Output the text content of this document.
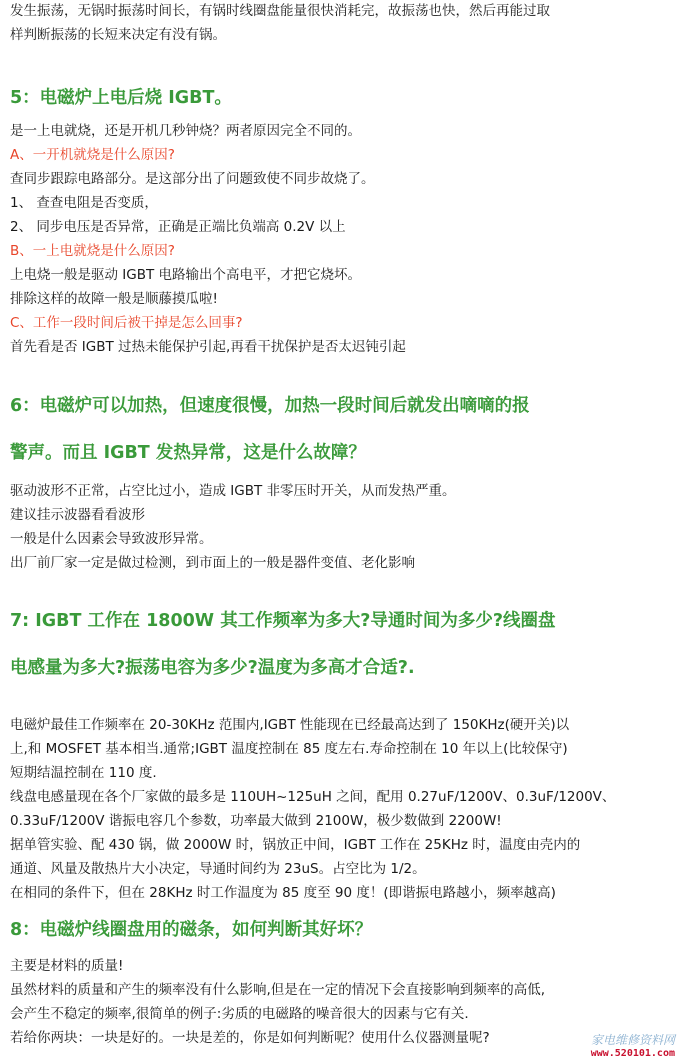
发生振荡，无锅时振荡时间长，有锅时线圈盘能量很快消耗完，故振荡也快，然后再能过取
样判断振荡的长短来决定有没有锅。
5：电磁炉上电后烧 IGBT。
是一上电就烧，还是开机几秒钟烧？两者原因完全不同的。
A、一开机就烧是什么原因?
查同步跟踪电路部分。是这部分出了问题致使不同步故烧了。
1、 查查电阻是否变质，
2、 同步电压是否异常，正确是正端比负端高 0.2V 以上
B、一上电就烧是什么原因?
上电烧一般是驱动 IGBT 电路输出个高电平，才把它烧坏。
排除这样的故障一般是顺藤摸瓜啦!
C、工作一段时间后被干掉是怎么回事?
首先看是否 IGBT 过热未能保护引起,再看干扰保护是否太迟钝引起
6：电磁炉可以加热，但速度很慢，加热一段时间后就发出嘀嘀的报
警声。而且 IGBT 发热异常，这是什么故障？
驱动波形不正常，占空比过小，造成 IGBT 非零压时开关，从而发热严重。
建议挂示波器看看波形
一般是什么因素会导致波形异常。
出厂前厂家一定是做过检测，到市面上的一般是器件变值、老化影响
7: IGBT 工作在 1800W 其工作频率为多大?导通时间为多少?线圈盘
电感量为多大?振荡电容为多少?温度为多高才合适?.
电磁炉最佳工作频率在 20-30KHz 范围内,IGBT 性能现在已经最高达到了 150KHz(硬开关)以
上,和 MOSFET 基本相当.通常;IGBT 温度控制在 85 度左右.寿命控制在 10 年以上(比较保守)
短期结温控制在 110 度.
线盘电感量现在各个厂家做的最多是 110UH~125uH 之间，配用 0.27uF/1200V、0.3uF/1200V、
0.33uF/1200V 谐振电容几个参数，功率最大做到 2100W，极少数做到 2200W!
据单管实验、配 430 锅，做 2000W 时，锅放正中间，IGBT 工作在 25KHz 时，温度由壳内的
通道、风量及散热片大小决定，导通时间约为 23uS。占空比为 1/2。
在相同的条件下，但在 28KHz 时工作温度为 85 度至 90 度！(即谐振电路越小，频率越高)
8：电磁炉线圈盘用的磁条，如何判断其好坏？
主要是材料的质量!
虽然材料的质量和产生的频率没有什么影响,但是在一定的情况下会直接影响到频率的高低,
会产生不稳定的频率,很简单的例子:劣质的电磁路的噪音很大的因素与它有关.
若给你两块：一块是好的。一块是差的，你是如何判断呢？使用什么仪器测量呢?	家电维修资料网
www.520101.com
